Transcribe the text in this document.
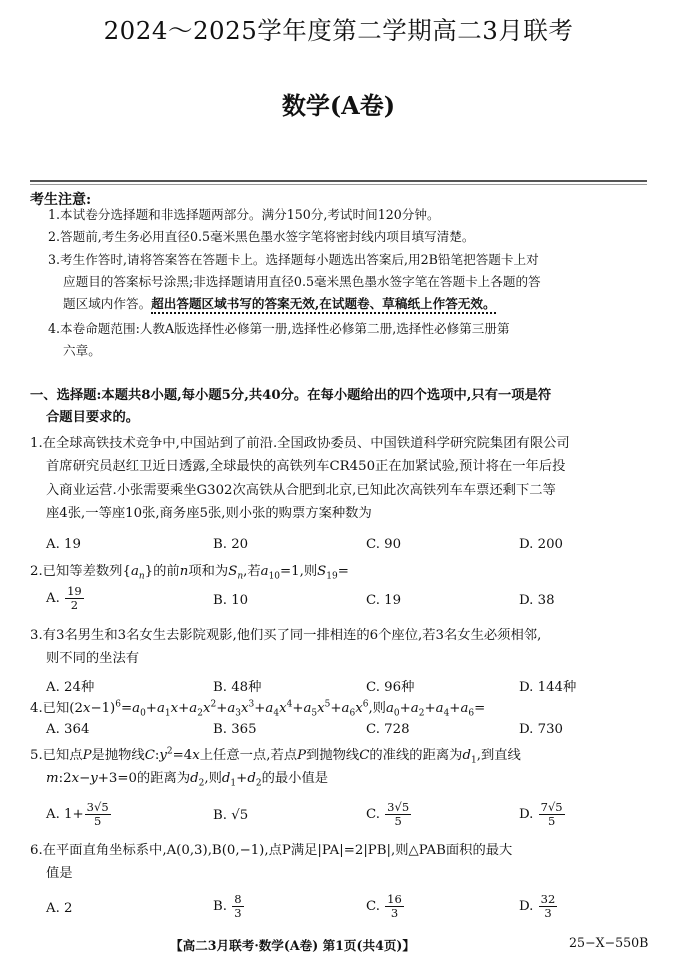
2024～2025学年度第二学期高二3月联考
数学(A卷)
考生注意:
1.本试卷分选择题和非选择题两部分。满分150分,考试时间120分钟。
2.答题前,考生务必用直径0.5毫米黑色墨水签字笔将密封线内项目填写清楚。
3.考生作答时,请将答案答在答题卡上。选择题每小题选出答案后,用2B铅笔把答题卡上对
应题目的答案标号涂黑;非选择题请用直径0.5毫米黑色墨水签字笔在答题卡上各题的答
题区域内作答。超出答题区域书写的答案无效,在试题卷、草稿纸上作答无效。
4.本卷命题范围:人教A版选择性必修第一册,选择性必修第二册,选择性必修第三册第
六章。
一、选择题:本题共8小题,每小题5分,共40分。在每小题给出的四个选项中,只有一项是符
合题目要求的。
1.在全球高铁技术竞争中,中国站到了前沿.全国政协委员、中国铁道科学研究院集团有限公司
首席研究员赵红卫近日透露,全球最快的高铁列车CR450正在加紧试验,预计将在一年后投
入商业运营.小张需要乘坐G302次高铁从合肥到北京,已知此次高铁列车车票还剩下二等
座4张,一等座10张,商务座5张,则小张的购票方案种数为
A. 19	B. 20	C. 90	D. 200
2.已知等差数列$\{a_n\}$的前n项和为$S_n$,若$a_{10}=1$,则$S_{19}=$
A. $\frac{19}{2}$	B. 10	C. 19	D. 38
3.有3名男生和3名女生去影院观影,他们买了同一排相连的6个座位,若3名女生必须相邻,
则不同的坐法有
A. 24种	B. 48种	C. 96种	D. 144种
4.已知$(2x-1)^6=a_0+a_1x+a_2x^2+a_3x^3+a_4x^4+a_5x^5+a_6x^6$,则$a_0+a_2+a_4+a_6=$
A. 364	B. 365	C. 728	D. 730
5.已知点P是抛物线$C:y^2=4x$上任意一点,若点P到抛物线C的准线的距离为$d_1$,到直线
m:2x−y+3=0的距离为$d_2$,则$d_1+d_2$的最小值是
A. $1+ \frac{3√5}{5}$	B. √5	C. $\frac{3√5}{5}$	D. $\frac{7√5}{5}$
6.在平面直角坐标系中,A(0,3),B(0,−1),点P满足|PA|=2|PB|,则△PAB面积的最大
值是
A. 2	B. $\frac{8}{3}$	C. $\frac{16}{3}$	D. $\frac{32}{3}$
【高二3月联考·数学(A卷) 第1页(共4页)】	25−X−550B
